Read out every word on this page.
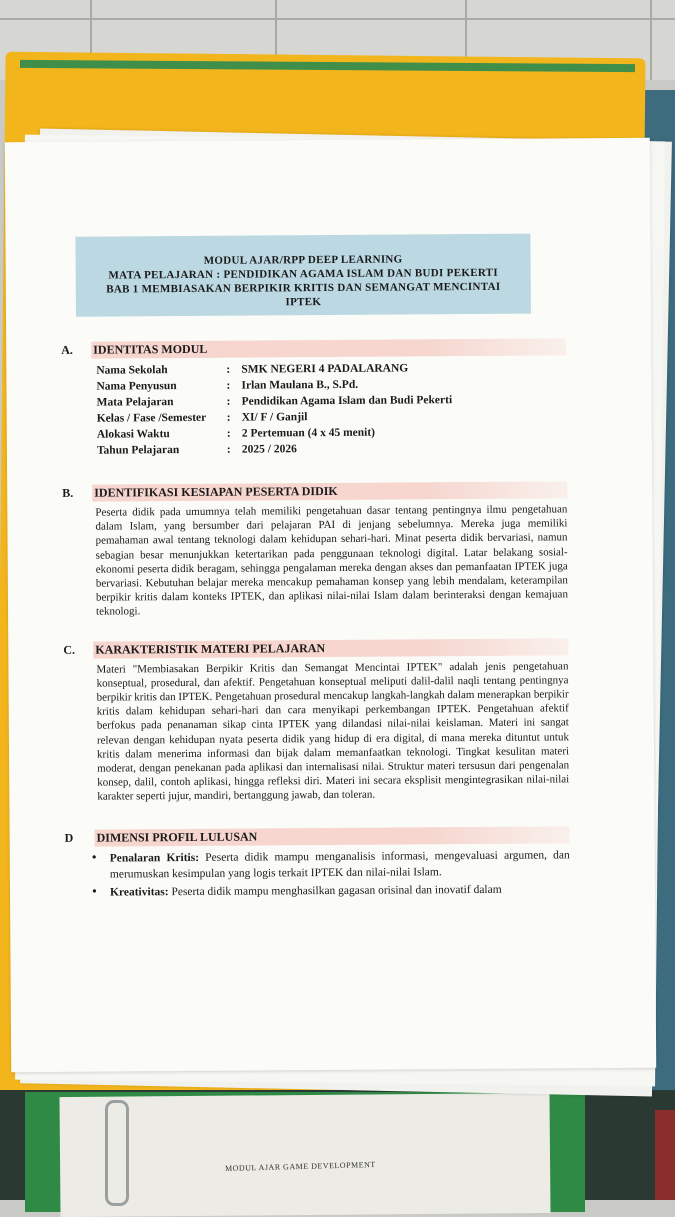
MODUL AJAR GAME DEVELOPMENT
MODUL AJAR/RPP DEEP LEARNING
MATA PELAJARAN : PENDIDIKAN AGAMA ISLAM DAN BUDI PEKERTI
BAB 1 MEMBIASAKAN BERPIKIR KRITIS DAN SEMANGAT MENCINTAI
IPTEK
A. IDENTITAS MODUL
Nama Sekolah	: SMK NEGERI 4 PADALARANG
Nama Penyusun	: Irlan Maulana B., S.Pd.
Mata Pelajaran	: Pendidikan Agama Islam dan Budi Pekerti
Kelas / Fase /Semester	: XI/ F / Ganjil
Alokasi Waktu	: 2 Pertemuan (4 x 45 menit)
Tahun Pelajaran	: 2025 / 2026
B. IDENTIFIKASI KESIAPAN PESERTA DIDIK
Peserta didik pada umumnya telah memiliki pengetahuan dasar tentang pentingnya ilmu pengetahuan dalam Islam, yang bersumber dari pelajaran PAI di jenjang sebelumnya. Mereka juga memiliki pemahaman awal tentang teknologi dalam kehidupan sehari-hari. Minat peserta didik bervariasi, namun sebagian besar menunjukkan ketertarikan pada penggunaan teknologi digital. Latar belakang sosial-ekonomi peserta didik beragam, sehingga pengalaman mereka dengan akses dan pemanfaatan IPTEK juga bervariasi. Kebutuhan belajar mereka mencakup pemahaman konsep yang lebih mendalam, keterampilan berpikir kritis dalam konteks IPTEK, dan aplikasi nilai-nilai Islam dalam berinteraksi dengan kemajuan teknologi.
C. KARAKTERISTIK MATERI PELAJARAN
Materi "Membiasakan Berpikir Kritis dan Semangat Mencintai IPTEK" adalah jenis pengetahuan konseptual, prosedural, dan afektif. Pengetahuan konseptual meliputi dalil-dalil naqli tentang pentingnya berpikir kritis dan IPTEK. Pengetahuan prosedural mencakup langkah-langkah dalam menerapkan berpikir kritis dalam kehidupan sehari-hari dan cara menyikapi perkembangan IPTEK. Pengetahuan afektif berfokus pada penanaman sikap cinta IPTEK yang dilandasi nilai-nilai keislaman. Materi ini sangat relevan dengan kehidupan nyata peserta didik yang hidup di era digital, di mana mereka dituntut untuk kritis dalam menerima informasi dan bijak dalam memanfaatkan teknologi. Tingkat kesulitan materi moderat, dengan penekanan pada aplikasi dan internalisasi nilai. Struktur materi tersusun dari pengenalan konsep, dalil, contoh aplikasi, hingga refleksi diri. Materi ini secara eksplisit mengintegrasikan nilai-nilai karakter seperti jujur, mandiri, bertanggung jawab, dan toleran.
D DIMENSI PROFIL LULUSAN
• Penalaran Kritis: Peserta didik mampu menganalisis informasi, mengevaluasi argumen, dan merumuskan kesimpulan yang logis terkait IPTEK dan nilai-nilai Islam.
• Kreativitas: Peserta didik mampu menghasilkan gagasan orisinal dan inovatif dalam
